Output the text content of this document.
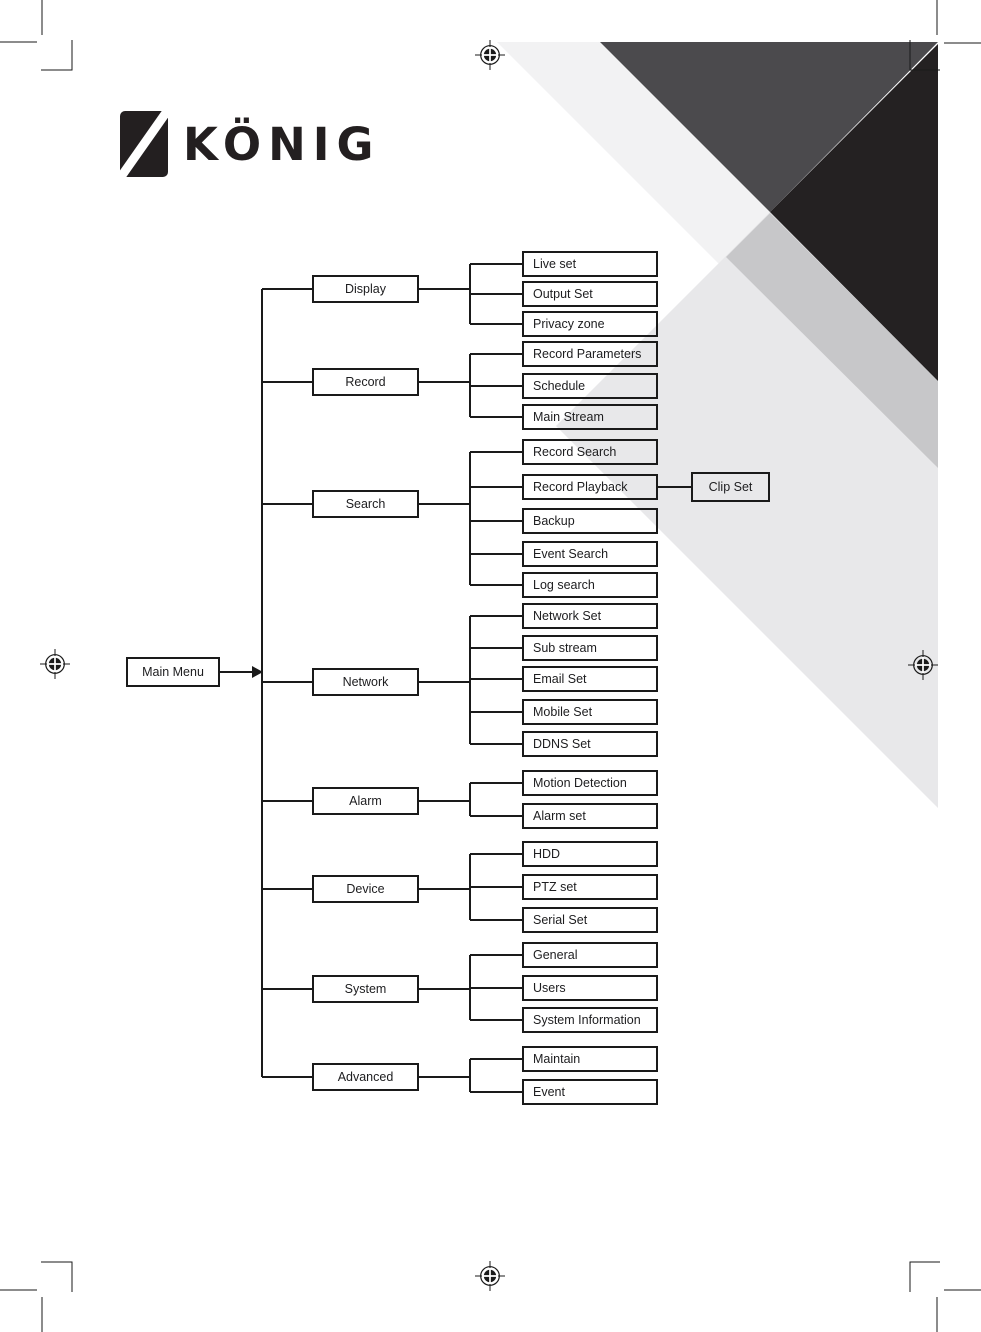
KÖNIG
Main Menu
Display
Live set
Output Set
Privacy zone
Record
Record Parameters
Schedule
Main Stream
Search
Record Search
Record Playback
Backup
Event Search
Log search
Clip Set
Network
Network Set
Sub stream
Email Set
Mobile Set
DDNS Set
Alarm
Motion Detection
Alarm set
Device
HDD
PTZ set
Serial Set
System
General
Users
System Information
Advanced
Maintain
Event
